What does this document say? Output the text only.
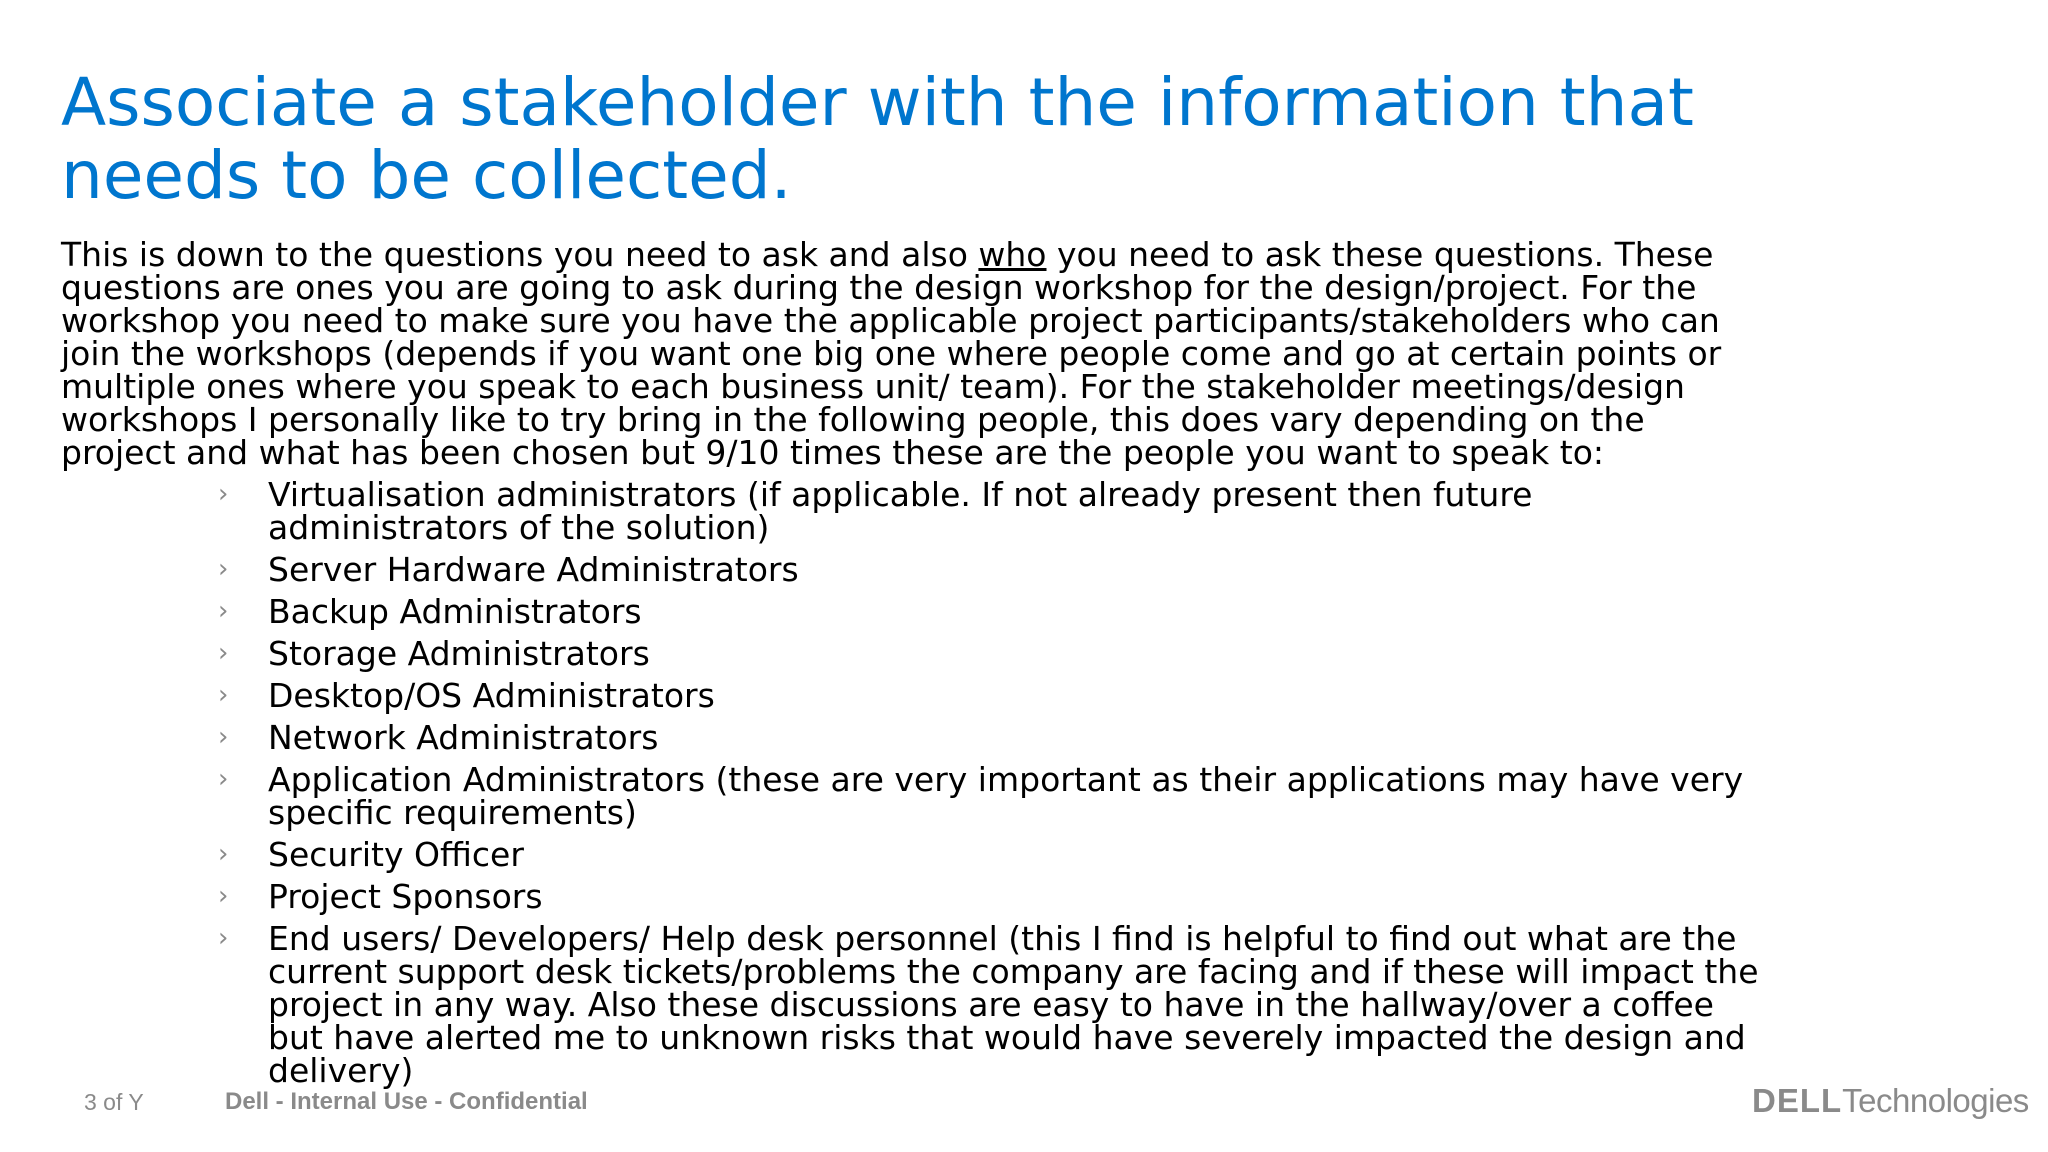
Associate a stakeholder with the information that
needs to be collected.
This is down to the questions you need to ask and also who you need to ask these questions. These
questions are ones you are going to ask during the design workshop for the design/project. For the
workshop you need to make sure you have the applicable project participants/stakeholders who can
join the workshops (depends if you want one big one where people come and go at certain points or
multiple ones where you speak to each business unit/ team). For the stakeholder meetings/design
workshops I personally like to try bring in the following people, this does vary depending on the
project and what has been chosen but 9/10 times these are the people you want to speak to:
› Virtualisation administrators (if applicable. If not already present then future
administrators of the solution)
› Server Hardware Administrators
› Backup Administrators
› Storage Administrators
› Desktop/OS Administrators
› Network Administrators
› Application Administrators (these are very important as their applications may have very
specific requirements)
› Security Officer
› Project Sponsors
› End users/ Developers/ Help desk personnel (this I find is helpful to find out what are the
current support desk tickets/problems the company are facing and if these will impact the
project in any way. Also these discussions are easy to have in the hallway/over a coffee
but have alerted me to unknown risks that would have severely impacted the design and
delivery)
3 of Y	Dell - Internal Use - Confidential	DELLTechnologies
